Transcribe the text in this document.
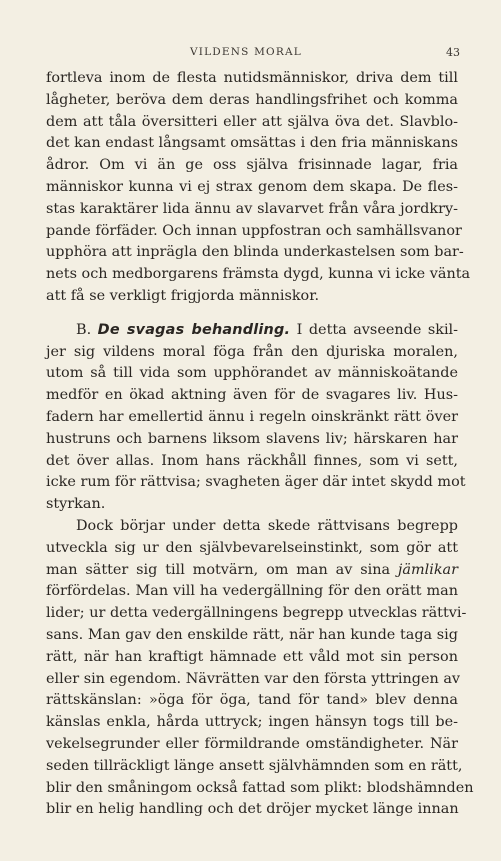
VILDENS MORAL	43
fortleva inom de flesta nutidsmänniskor, driva dem till
lågheter, beröva dem deras handlingsfrihet och komma
dem att tåla översitteri eller att själva öva det. Slavblo-
det kan endast långsamt omsättas i den fria människans
ådror. Om vi än ge oss själva frisinnade lagar, fria
människor kunna vi ej strax genom dem skapa. De fles-
stas karaktärer lida ännu av slavarvet från våra jordkry-
pande förfäder. Och innan uppfostran och samhällsvanor
upphöra att inprägla den blinda underkastelsen som bar-
nets och medborgarens främsta dygd, kunna vi icke vänta
att få se verkligt frigjorda människor.
B. De svagas behandling. I detta avseende skil-
jer sig vildens moral föga från den djuriska moralen,
utom så till vida som upphörandet av människoätande
medför en ökad aktning även för de svagares liv. Hus-
fadern har emellertid ännu i regeln oinskränkt rätt över
hustruns och barnens liksom slavens liv; härskaren har
det över allas. Inom hans räckhåll finnes, som vi sett,
icke rum för rättvisa; svagheten äger där intet skydd mot
styrkan.
Dock börjar under detta skede rättvisans begrepp
utveckla sig ur den självbevarelseinstinkt, som gör att
man sätter sig till motvärn, om man av sina jämlikar
förfördelas. Man vill ha vedergällning för den orätt man
lider; ur detta vedergällningens begrepp utvecklas rättvi-
sans. Man gav den enskilde rätt, när han kunde taga sig
rätt, när han kraftigt hämnade ett våld mot sin person
eller sin egendom. Nävrätten var den första yttringen av
rättskänslan: »öga för öga, tand för tand» blev denna
känslas enkla, hårda uttryck; ingen hänsyn togs till be-
vekelsegrunder eller förmildrande omständigheter. När
seden tillräckligt länge ansett självhämnden som en rätt,
blir den småningom också fattad som plikt: blodshämnden
blir en helig handling och det dröjer mycket länge innan
